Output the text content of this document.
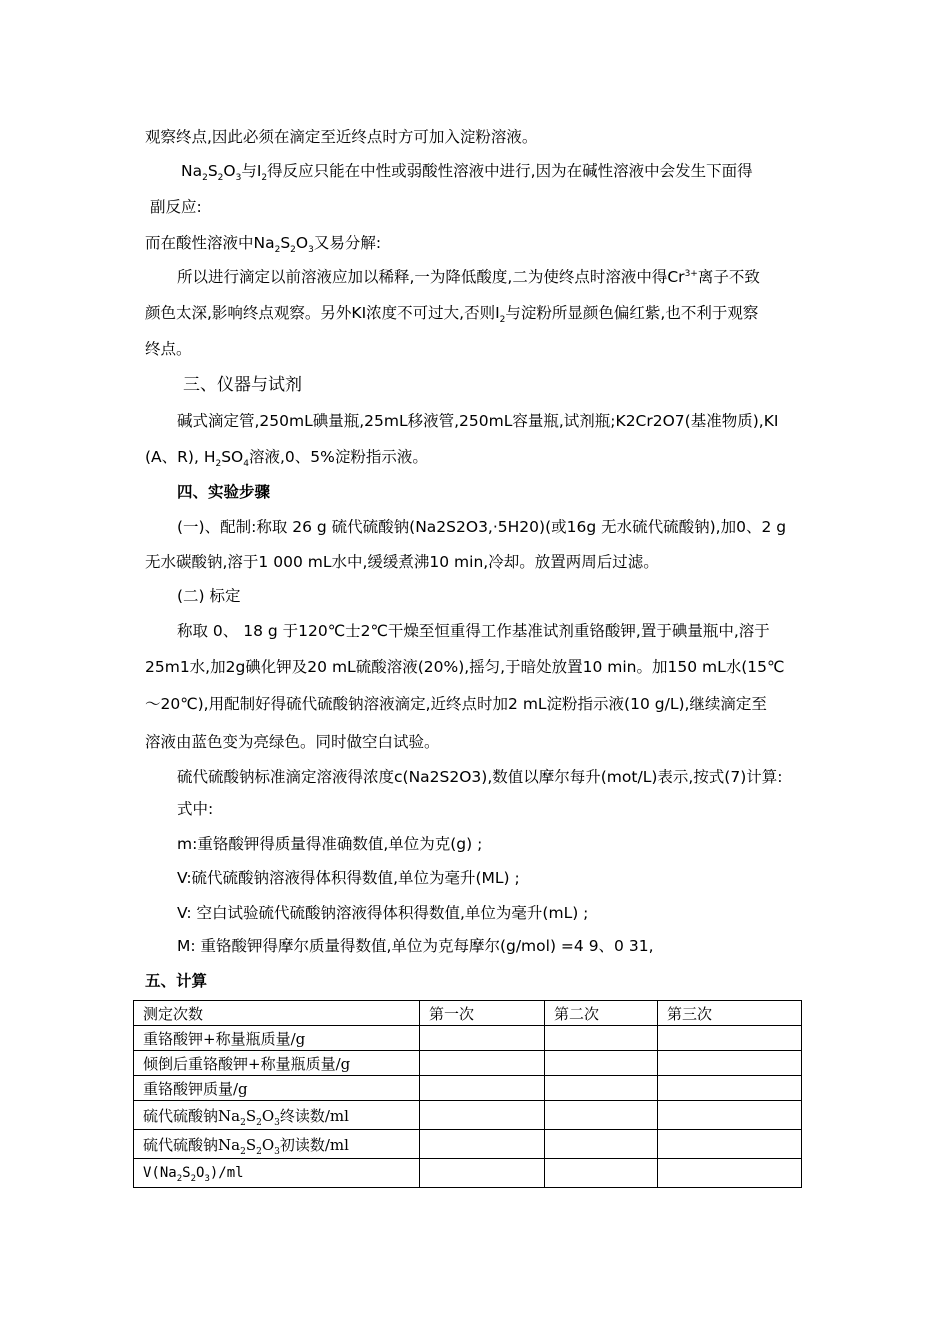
观察终点,因此必须在滴定至近终点时方可加入淀粉溶液。
$Na_2S_2O_3$与$I_2$得反应只能在中性或弱酸性溶液中进行,因为在碱性溶液中会发生下面得
副反应:
而在酸性溶液中$Na_2S_2O_3$又易分解:
所以进行滴定以前溶液应加以稀释,一为降低酸度,二为使终点时溶液中得$Cr^{3+}$离子不致
颜色太深,影响终点观察。另外KI浓度不可过大,否则$I_2$与淀粉所显颜色偏红紫,也不利于观察
终点。
三、仪器与试剂
碱式滴定管,250mL碘量瓶,25mL移液管,250mL容量瓶,试剂瓶;K2Cr2O7(基准物质),KI
(A、R), $H_2SO_4$溶液,0、5%淀粉指示液。
四、实验步骤
(一)、配制:称取 26 g 硫代硫酸钠(Na2S2O3,·5H20)(或16g 无水硫代硫酸钠),加0、2 g
无水碳酸钠,溶于1 000 mL水中,缓缓煮沸10 min,冷却。放置两周后过滤。
(二) 标定
称取 0、 18 g 于120℃士2℃干燥至恒重得工作基准试剂重铬酸钾,置于碘量瓶中,溶于
25m1水,加2g碘化钾及20 mL硫酸溶液(20%),摇匀,于暗处放置10 min。加150 mL水(15℃
～20℃),用配制好得硫代硫酸钠溶液滴定,近终点时加2 mL淀粉指示液(10 g/L),继续滴定至
溶液由蓝色变为亮绿色。同时做空白试验。
硫代硫酸钠标准滴定溶液得浓度c(Na2S2O3),数值以摩尔每升(mot/L)表示,按式(7)计算:
式中:
m:重铬酸钾得质量得准确数值,单位为克(g) ;
V:硫代硫酸钠溶液得体积得数值,单位为毫升(ML) ;
V: 空白试验硫代硫酸钠溶液得体积得数值,单位为毫升(mL) ;
M: 重铬酸钾得摩尔质量得数值,单位为克每摩尔(g/mol) =4 9、0 31,
五、计算
测定次数	第一次	第二次	第三次
重铬酸钾+称量瓶质量/g			
倾倒后重铬酸钾+称量瓶质量/g			
重铬酸钾质量/g			
硫代硫酸钠$Na_2S_2O_3$终读数/ml			
硫代硫酸钠$Na_2S_2O_3$初读数/ml			
$V(Na_2S_2O_3)/ml$			
